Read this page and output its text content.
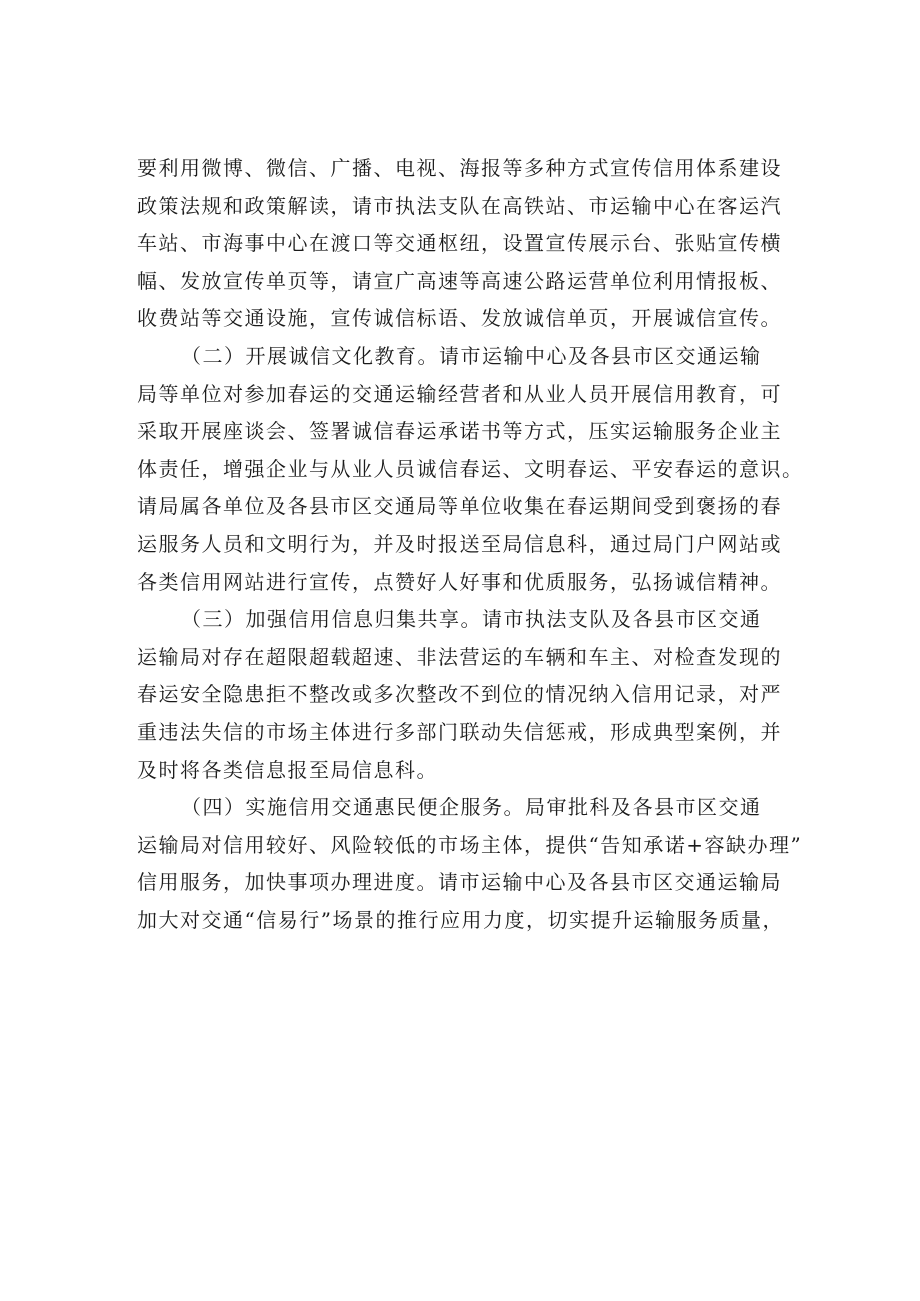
要利用微博、微信、广播、电视、海报等多种方式宣传信用体系建设
政策法规和政策解读，请市执法支队在高铁站、市运输中心在客运汽
车站、市海事中心在渡口等交通枢纽，设置宣传展示台、张贴宣传横
幅、发放宣传单页等，请宣广高速等高速公路运营单位利用情报板、
收费站等交通设施，宣传诚信标语、发放诚信单页，开展诚信宣传。
（二）开展诚信文化教育。请市运输中心及各县市区交通运输
局等单位对参加春运的交通运输经营者和从业人员开展信用教育，可
采取开展座谈会、签署诚信春运承诺书等方式，压实运输服务企业主
体责任，增强企业与从业人员诚信春运、文明春运、平安春运的意识。
请局属各单位及各县市区交通局等单位收集在春运期间受到褒扬的春
运服务人员和文明行为，并及时报送至局信息科，通过局门户网站或
各类信用网站进行宣传，点赞好人好事和优质服务，弘扬诚信精神。
（三）加强信用信息归集共享。请市执法支队及各县市区交通
运输局对存在超限超载超速、非法营运的车辆和车主、对检查发现的
春运安全隐患拒不整改或多次整改不到位的情况纳入信用记录，对严
重违法失信的市场主体进行多部门联动失信惩戒，形成典型案例，并
及时将各类信息报至局信息科。
（四）实施信用交通惠民便企服务。局审批科及各县市区交通
运输局对信用较好、风险较低的市场主体，提供“告知承诺+容缺办理”
信用服务，加快事项办理进度。请市运输中心及各县市区交通运输局
加大对交通“信易行”场景的推行应用力度，切实提升运输服务质量，
